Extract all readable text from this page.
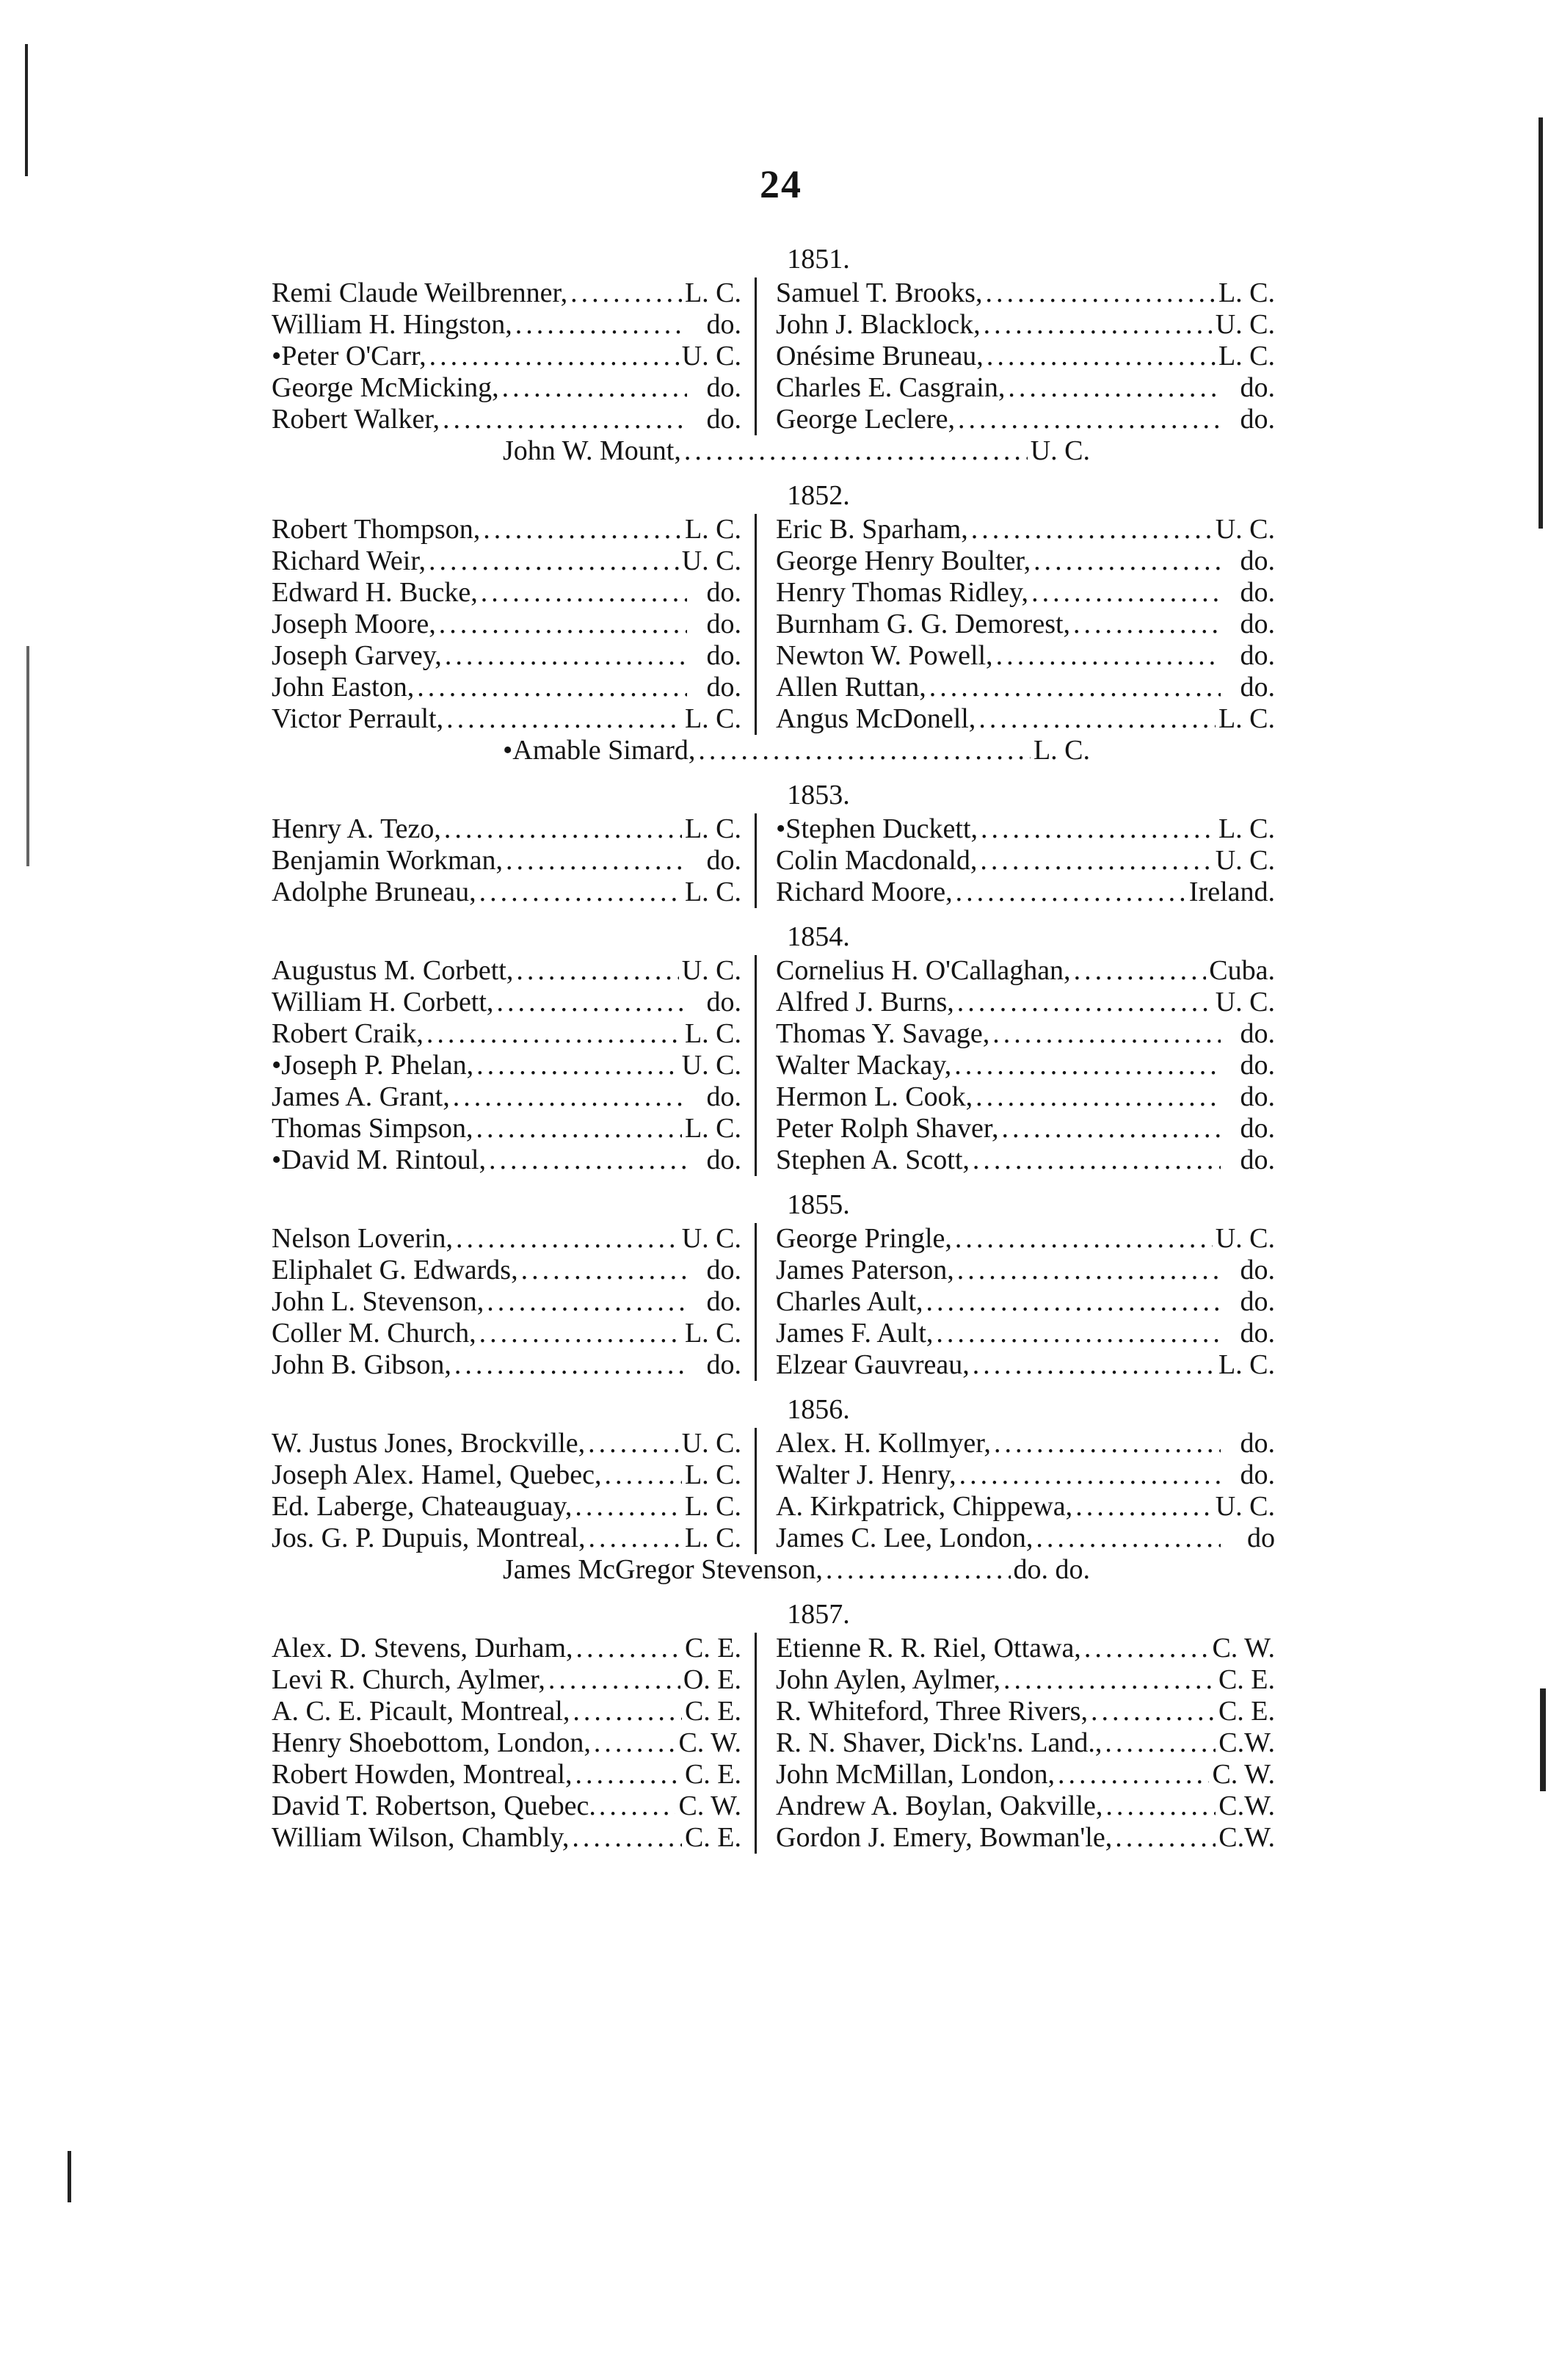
24
1851.
Remi Claude Weilbrenner, .....	L. C. Samuel T. Brooks, .....	L. C.
William H. Hingston, .....	do. John J. Blacklock, .....	U. C.
•Peter O'Carr, .....	U. C. Onésime Bruneau, .....	L. C.
George McMicking, .....	do. Charles E. Casgrain, .....	do.
Robert Walker, .....	do. George Leclere, .....	do.
John W. Mount, .....	U. C.
1852.
Robert Thompson, .....	L. C. Eric B. Sparham, .....	U. C.
Richard Weir, .....	U. C. George Henry Boulter, .....	do.
Edward H. Bucke, .....	do. Henry Thomas Ridley, .....	do.
Joseph Moore, .....	do. Burnham G. G. Demorest, .....	do.
Joseph Garvey, .....	do. Newton W. Powell, .....	do.
John Easton, .....	do. Allen Ruttan, .....	do.
Victor Perrault, .....	L. C. Angus McDonell, .....	L. C.
•Amable Simard, .....	L. C.
1853.
Henry A. Tezo, .....	L. C. •Stephen Duckett, .....	L. C.
Benjamin Workman, .....	do. Colin Macdonald, .....	U. C.
Adolphe Bruneau, .....	L. C. Richard Moore, .....	Ireland.
1854.
Augustus M. Corbett, .....	U. C. Cornelius H. O'Callaghan, .....	Cuba.
William H. Corbett, .....	do. Alfred J. Burns, .....	U. C.
Robert Craik, .....	L. C. Thomas Y. Savage, .....	do.
•Joseph P. Phelan, .....	U. C. Walter Mackay, .....	do.
James A. Grant, .....	do. Hermon L. Cook, .....	do.
Thomas Simpson, .....	L. C. Peter Rolph Shaver, .....	do.
•David M. Rintoul, .....	do. Stephen A. Scott, .....	do.
1855.
Nelson Loverin, .....	U. C. George Pringle, .....	U. C.
Eliphalet G. Edwards, .....	do. James Paterson, .....	do.
John L. Stevenson, .....	do. Charles Ault, .....	do.
Coller M. Church, .....	L. C. James F. Ault, .....	do.
John B. Gibson, .....	do. Elzear Gauvreau, .....	L. C.
1856.
W. Justus Jones, Brockville, .....	U. C. Alex. H. Kollmyer, .....	do.
Joseph Alex. Hamel, Quebec, .....	L. C. Walter J. Henry, .....	do.
Ed. Laberge, Chateauguay, .....	L. C. A. Kirkpatrick, Chippewa, .....	U. C.
Jos. G. P. Dupuis, Montreal, .....	L. C. James C. Lee, London, .....	do
James McGregor Stevenson, .....	do. do.
1857.
Alex. D. Stevens, Durham, .....	C. E. Etienne R. R. Riel, Ottawa, .....	C. W.
Levi R. Church, Aylmer, .....	O. E. John Aylen, Aylmer, .....	C. E.
A. C. E. Picault, Montreal, .....	C. E. R. Whiteford, Three Rivers, .....	C. E.
Henry Shoebottom, London, .....	C. W. R. N. Shaver, Dick'ns. Land., .....	C.W.
Robert Howden, Montreal, .....	C. E. John McMillan, London, .....	C. W.
David T. Robertson, Quebec. .....	C. W. Andrew A. Boylan, Oakville, .....	C.W.
William Wilson, Chambly, .....	C. E. Gordon J. Emery, Bowman'le, .....	C.W.
